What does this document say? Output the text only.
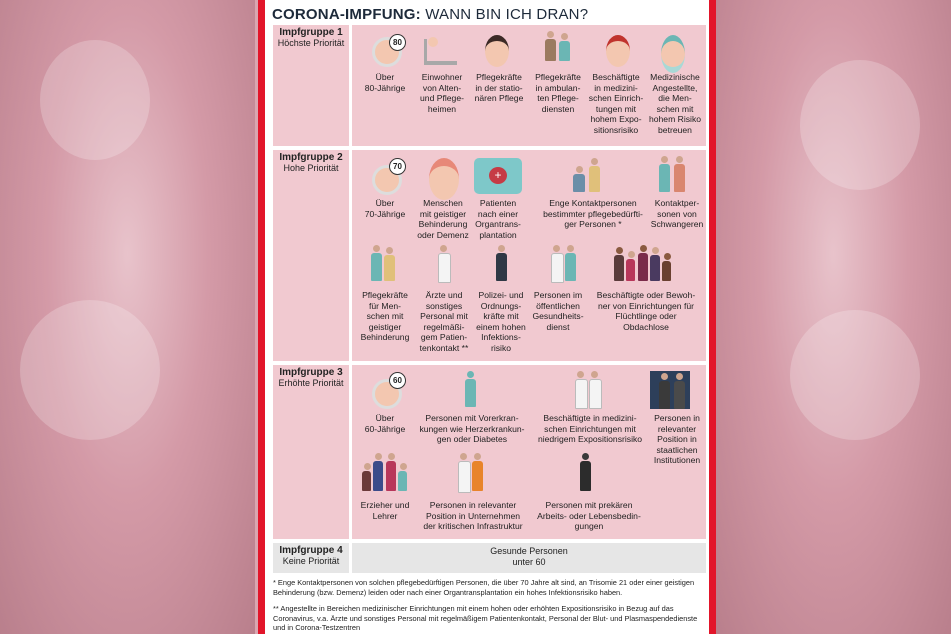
CORONA-IMPFUNG: WANN BIN ICH DRAN?
Impfgruppe 1
Höchste Priorität	80
Über
80-Jährige
Einwohner
von Alten-
und Pflege-
heimen
Pflegekräfte
in der statio-
nären Pflege
Pflegekräfte
in ambulan-
ten Pflege-
diensten
Beschäftigte
in medizini-
schen Einrich-
tungen mit
hohem Expo-
sitionsrisiko
Medizinische
Angestellte,
die Men-
schen mit
hohem Risiko
betreuen
Impfgruppe 2
Hohe Priorität	70
+
Über
70-Jährige
Menschen
mit geistiger
Behinderung
oder Demenz
Patienten
nach einer
Organtrans-
plantation
Enge Kontaktpersonen
bestimmter pflegebedürfti-
ger Personen *
Kontaktper-
sonen von
Schwangeren
Pflegekräfte
für Men-
schen mit
geistiger
Behinderung
Ärzte und
sonstiges
Personal mit
regelmäßi-
gem Patien-
tenkontakt **
Polizei- und
Ordnungs-
kräfte mit
einem hohen
Infektions-
risiko
Personen im
öffentlichen
Gesundheits-
dienst
Beschäftigte oder Bewoh-
ner von Einrichtungen für
Flüchtlinge oder
Obdachlose
Impfgruppe 3
Erhöhte Priorität	60
Über
60-Jährige
Personen mit Vorerkran-
kungen wie Herzerkrankun-
gen oder Diabetes
Beschäftigte in medizini-
schen Einrichtungen mit
niedrigem Expositionsrisiko
Personen in
relevanter
Position in
staatlichen
Institutionen
Erzieher und
Lehrer
Personen in relevanter
Position in Unternehmen
der kritischen Infrastruktur
Personen mit prekären
Arbeits- oder Lebensbedin-
gungen
Impfgruppe 4
Keine Priorität
Gesunde Personen
unter 60
* Enge Kontaktpersonen von solchen pflegebedürftigen Personen, die über 70 Jahre alt sind, an Trisomie 21 oder einer geistigen Behinderung (bzw. Demenz) leiden oder nach einer Organtransplantation ein hohes Infektionsrisiko haben.
** Angestellte in Bereichen medizinischer Einrichtungen mit einem hohen oder erhöhten Expositionsrisiko in Bezug auf das Coronavirus, v.a. Ärzte und sonstiges Personal mit regelmäßigem Patientenkontakt, Personal der Blut- und Plasmaspendedienste und in Corona-Testzentren
